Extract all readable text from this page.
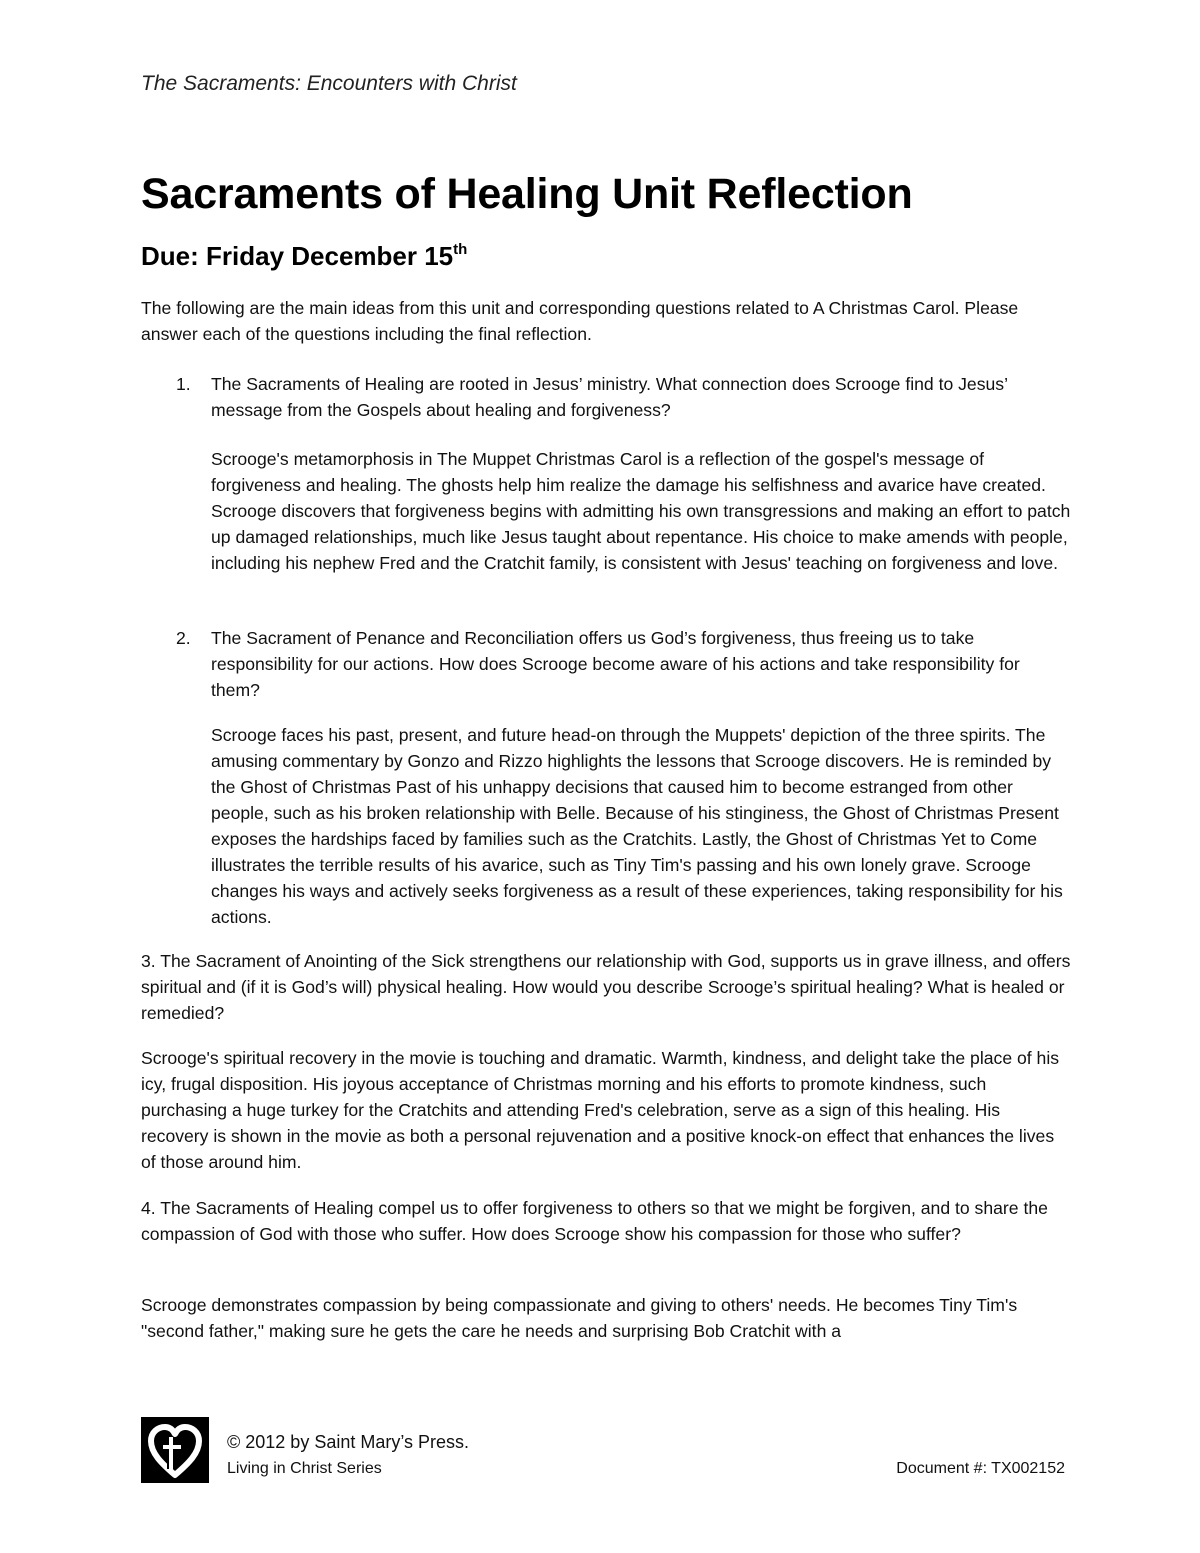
The Sacraments: Encounters with Christ
Sacraments of Healing Unit Reflection
Due: Friday December 15th

The following are the main ideas from this unit and corresponding questions related to A Christmas Carol. Please answer each of the questions including the final reflection.

1. The Sacraments of Healing are rooted in Jesus’ ministry. What connection does Scrooge find to Jesus’ message from the Gospels about healing and forgiveness?

Scrooge's metamorphosis in The Muppet Christmas Carol is a reflection of the gospel's message of forgiveness and healing. The ghosts help him realize the damage his selfishness and avarice have created. Scrooge discovers that forgiveness begins with admitting his own transgressions and making an effort to patch up damaged relationships, much like Jesus taught about repentance. His choice to make amends with people, including his nephew Fred and the Cratchit family, is consistent with Jesus' teaching on forgiveness and love.

2. The Sacrament of Penance and Reconciliation offers us God’s forgiveness, thus freeing us to take responsibility for our actions. How does Scrooge become aware of his actions and take responsibility for them?

Scrooge faces his past, present, and future head-on through the Muppets' depiction of the three spirits. The amusing commentary by Gonzo and Rizzo highlights the lessons that Scrooge discovers. He is reminded by the Ghost of Christmas Past of his unhappy decisions that caused him to become estranged from other people, such as his broken relationship with Belle. Because of his stinginess, the Ghost of Christmas Present exposes the hardships faced by families such as the Cratchits. Lastly, the Ghost of Christmas Yet to Come illustrates the terrible results of his avarice, such as Tiny Tim's passing and his own lonely grave. Scrooge changes his ways and actively seeks forgiveness as a result of these experiences, taking responsibility for his actions.

3. The Sacrament of Anointing of the Sick strengthens our relationship with God, supports us in grave illness, and offers spiritual and (if it is God’s will) physical healing. How would you describe Scrooge’s spiritual healing? What is healed or remedied?

Scrooge's spiritual recovery in the movie is touching and dramatic. Warmth, kindness, and delight take the place of his icy, frugal disposition. His joyous acceptance of Christmas morning and his efforts to promote kindness, such purchasing a huge turkey for the Cratchits and attending Fred's celebration, serve as a sign of this healing. His recovery is shown in the movie as both a personal rejuvenation and a positive knock-on effect that enhances the lives of those around him.

4. The Sacraments of Healing compel us to offer forgiveness to others so that we might be forgiven, and to share the compassion of God with those who suffer. How does Scrooge show his compassion for those who suffer?

Scrooge demonstrates compassion by being compassionate and giving to others' needs. He becomes Tiny Tim's "second father," making sure he gets the care he needs and surprising Bob Cratchit with a

© 2012 by Saint Mary’s Press.
Living in Christ Series	Document #: TX002152
